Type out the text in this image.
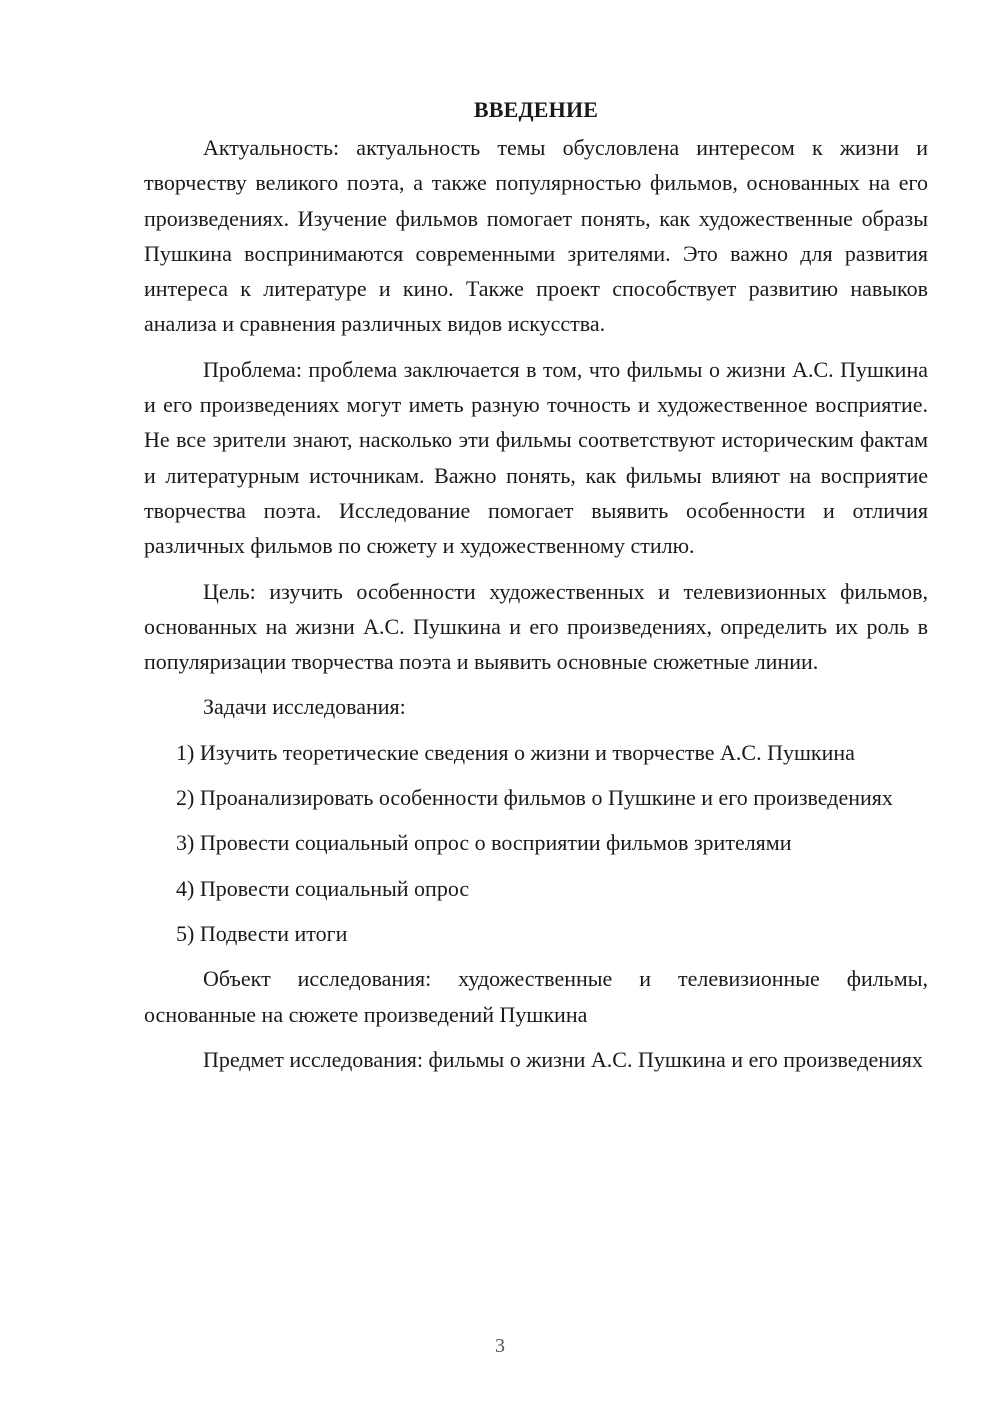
ВВЕДЕНИЕ

Актуальность: актуальность темы обусловлена интересом к жизни и творчеству великого поэта, а также популярностью фильмов, основанных на его произведениях. Изучение фильмов помогает понять, как художественные образы Пушкина воспринимаются современными зрителями. Это важно для развития интереса к литературе и кино. Также проект способствует развитию навыков анализа и сравнения различных видов искусства.

Проблема: проблема заключается в том, что фильмы о жизни А.С. Пушкина и его произведениях могут иметь разную точность и художественное восприятие. Не все зрители знают, насколько эти фильмы соответствуют историческим фактам и литературным источникам. Важно понять, как фильмы влияют на восприятие творчества поэта. Исследование помогает выявить особенности и отличия различных фильмов по сюжету и художественному стилю.

Цель: изучить особенности художественных и телевизионных фильмов, основанных на жизни А.С. Пушкина и его произведениях, определить их роль в популяризации творчества поэта и выявить основные сюжетные линии.

Задачи исследования:

1) Изучить теоретические сведения о жизни и творчестве А.С. Пушкина

2) Проанализировать особенности фильмов о Пушкине и его произведениях

3) Провести социальный опрос о восприятии фильмов зрителями

4) Провести социальный опрос

5) Подвести итоги

Объект исследования: художественные и телевизионные фильмы, основанные на сюжете произведений Пушкина

Предмет исследования: фильмы о жизни А.С. Пушкина и его произведениях

3
